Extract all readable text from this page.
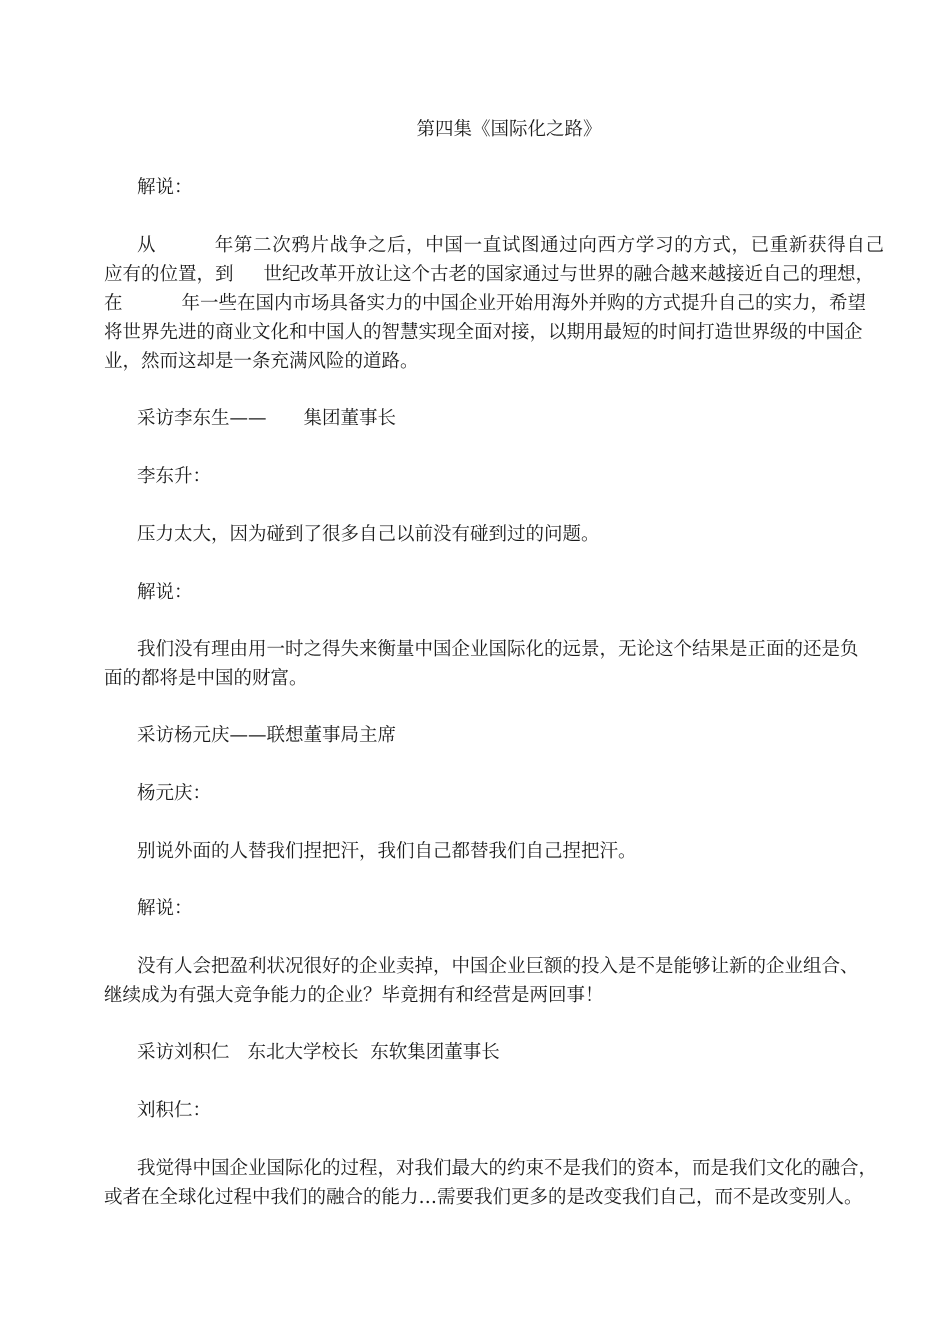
第四集《国际化之路》
解说：
从	年第二次鸦片战争之后，中国一直试图通过向西方学习的方式，已重新获得自己
应有的位置，到 世纪改革开放让这个古老的国家通过与世界的融合越来越接近自己的理想，
在	年一些在国内市场具备实力的中国企业开始用海外并购的方式提升自己的实力，希望
将世界先进的商业文化和中国人的智慧实现全面对接，以期用最短的时间打造世界级的中国企
业，然而这却是一条充满风险的道路。
采访李东生—— 集团董事长
李东升：
压力太大，因为碰到了很多自己以前没有碰到过的问题。
解说：
我们没有理由用一时之得失来衡量中国企业国际化的远景，无论这个结果是正面的还是负
面的都将是中国的财富。
采访杨元庆——联想董事局主席
杨元庆：
别说外面的人替我们捏把汗，我们自己都替我们自己捏把汗。
解说：
没有人会把盈利状况很好的企业卖掉，中国企业巨额的投入是不是能够让新的企业组合、
继续成为有强大竞争能力的企业？毕竟拥有和经营是两回事！
采访刘积仁 东北大学校长  东软集团董事长
刘积仁：
我觉得中国企业国际化的过程，对我们最大的约束不是我们的资本，而是我们文化的融合，
或者在全球化过程中我们的融合的能力…需要我们更多的是改变我们自己，而不是改变别人。
